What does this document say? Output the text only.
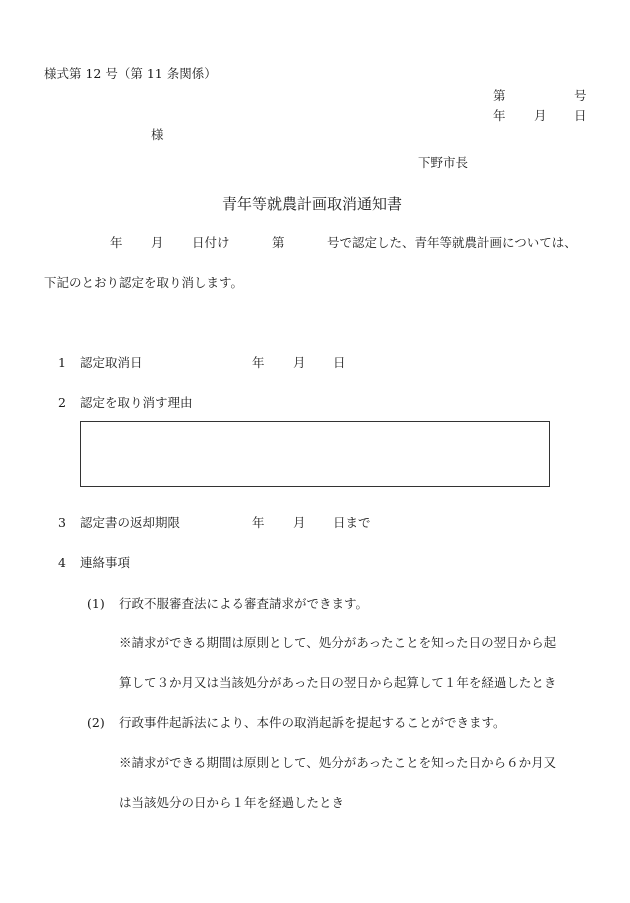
様式第 12 号（第 11 条関係）
第	号
年 月 日
様
下野市長
青年等就農計画取消通知書
年 月 日付け	第	号で認定した、青年等就農計画については、
下記のとおり認定を取り消します。
1 認定取消日	年 月 日
2 認定を取り消す理由
3 認定書の返却期限	年 月 日まで
4 連絡事項
(1) 行政不服審査法による審査請求ができます。
※請求ができる期間は原則として、処分があったことを知った日の翌日から起
算して３か月又は当該処分があった日の翌日から起算して１年を経過したとき
(2) 行政事件起訴法により、本件の取消起訴を提起することができます。
※請求ができる期間は原則として、処分があったことを知った日から６か月又
は当該処分の日から１年を経過したとき
